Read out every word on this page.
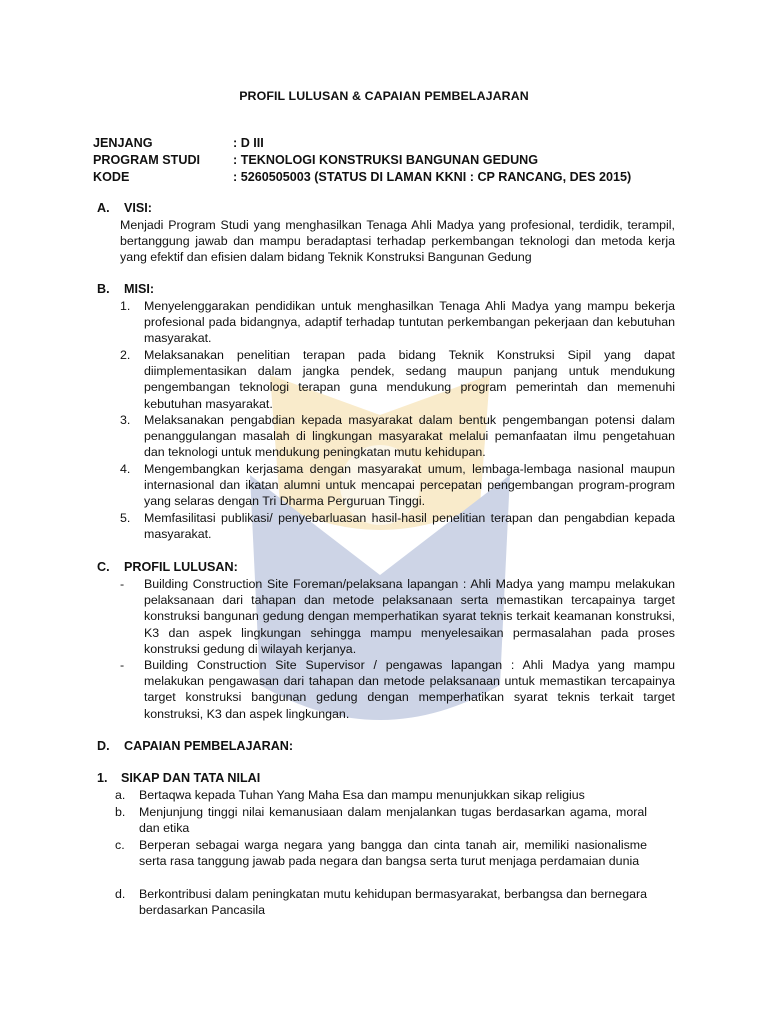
PROFIL LULUSAN & CAPAIAN PEMBELAJARAN
JENJANG	: D III
PROGRAM STUDI	: TEKNOLOGI KONSTRUKSI BANGUNAN GEDUNG
KODE	: 5260505003 (STATUS DI LAMAN KKNI : CP RANCANG, DES 2015)
A. VISI:
Menjadi Program Studi yang menghasilkan Tenaga Ahli Madya yang profesional, terdidik, terampil, bertanggung jawab dan mampu beradaptasi terhadap perkembangan teknologi dan metoda kerja yang efektif dan efisien dalam bidang Teknik Konstruksi Bangunan Gedung
B. MISI:
1. Menyelenggarakan pendidikan untuk menghasilkan Tenaga Ahli Madya yang mampu bekerja profesional pada bidangnya, adaptif terhadap tuntutan perkembangan pekerjaan dan kebutuhan masyarakat.
2. Melaksanakan penelitian terapan pada bidang Teknik Konstruksi Sipil yang dapat diimplementasikan dalam jangka pendek, sedang maupun panjang untuk mendukung pengembangan teknologi terapan guna mendukung program pemerintah dan memenuhi kebutuhan masyarakat.
3. Melaksanakan pengabdian kepada masyarakat dalam bentuk pengembangan potensi dalam penanggulangan masalah di lingkungan masyarakat melalui pemanfaatan ilmu pengetahuan dan teknologi untuk mendukung peningkatan mutu kehidupan.
4. Mengembangkan kerjasama dengan masyarakat umum, lembaga-lembaga nasional maupun internasional dan ikatan alumni untuk mencapai percepatan pengembangan program-program yang selaras dengan Tri Dharma Perguruan Tinggi.
5. Memfasilitasi publikasi/ penyebarluasan hasil-hasil penelitian terapan dan pengabdian kepada masyarakat.
C. PROFIL LULUSAN:
- Building Construction Site Foreman/pelaksana lapangan : Ahli Madya yang mampu melakukan pelaksanaan dari tahapan dan metode pelaksanaan serta memastikan tercapainya target konstruksi bangunan gedung dengan memperhatikan syarat teknis terkait keamanan konstruksi, K3 dan aspek lingkungan sehingga mampu menyelesaikan permasalahan pada proses konstruksi gedung di wilayah kerjanya.
- Building Construction Site Supervisor / pengawas lapangan : Ahli Madya yang mampu melakukan pengawasan dari tahapan dan metode pelaksanaan untuk memastikan tercapainya target konstruksi bangunan gedung dengan memperhatikan syarat teknis terkait target konstruksi, K3 dan aspek lingkungan.
D. CAPAIAN PEMBELAJARAN:
1. SIKAP DAN TATA NILAI
a. Bertaqwa kepada Tuhan Yang Maha Esa dan mampu menunjukkan sikap religius
b. Menjunjung tinggi nilai kemanusiaan dalam menjalankan tugas berdasarkan agama, moral dan etika
c. Berperan sebagai warga negara yang bangga dan cinta tanah air, memiliki nasionalisme serta rasa tanggung jawab pada negara dan bangsa serta turut menjaga perdamaian dunia
d. Berkontribusi dalam peningkatan mutu kehidupan bermasyarakat, berbangsa dan bernegara berdasarkan Pancasila
